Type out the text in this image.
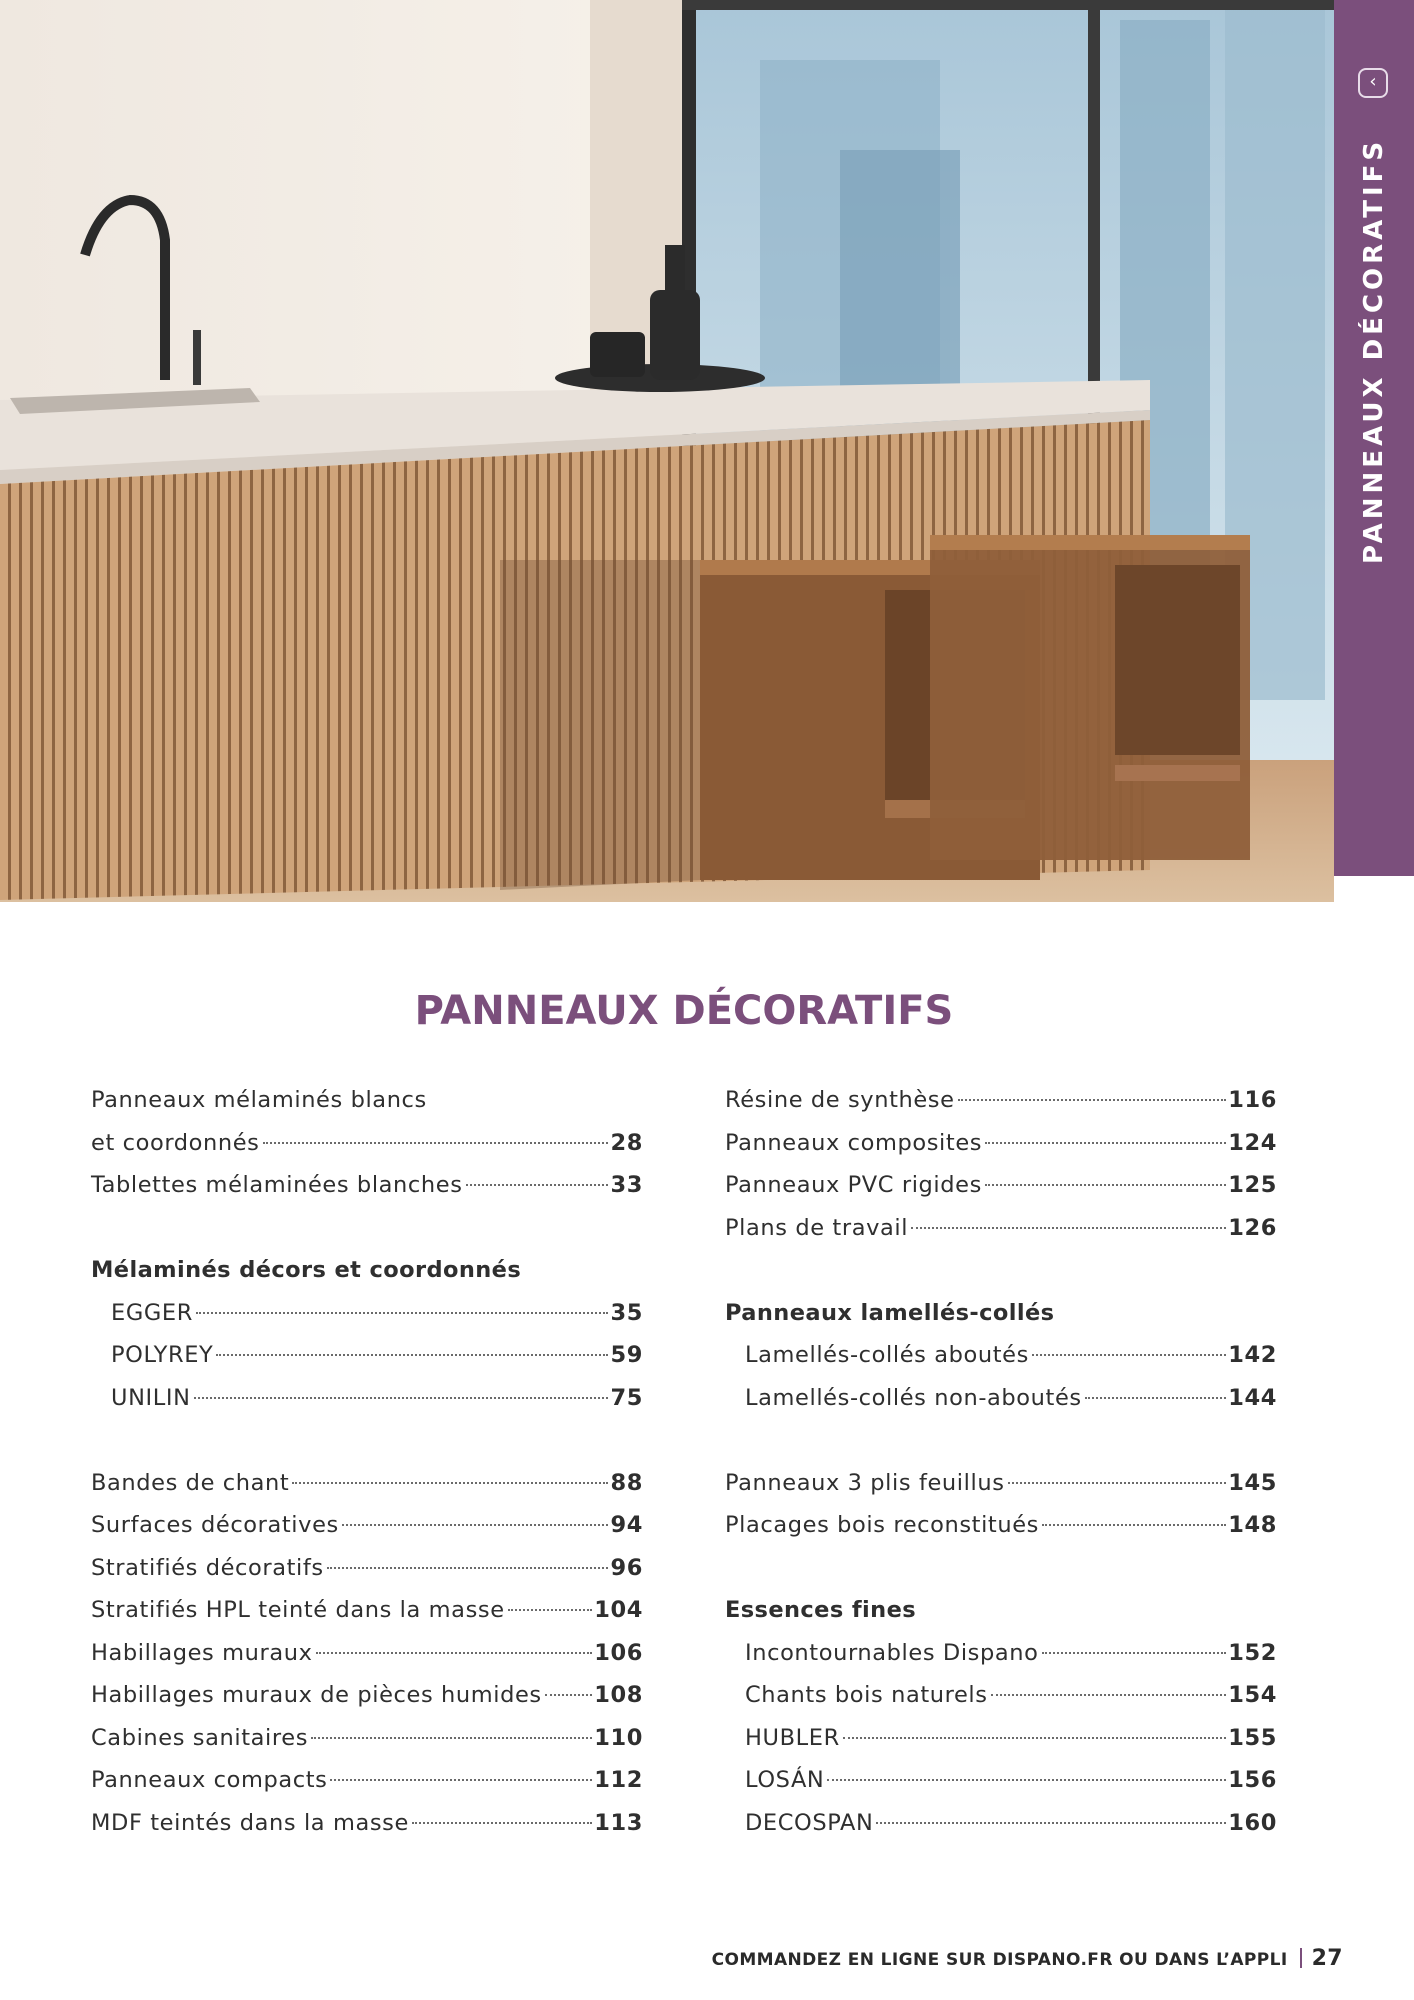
‹
PANNEAUX DÉCORATIFS
PANNEAUX DÉCORATIFS
Panneaux mélaminés blancs
et coordonnés	28
Tablettes mélaminées blanches	33
Mélaminés décors et coordonnés
EGGER	35
POLYREY	59
UNILIN	75
Bandes de chant	88
Surfaces décoratives	94
Stratifiés décoratifs	96
Stratifiés HPL teinté dans la masse	104
Habillages muraux	106
Habillages muraux de pièces humides 108
Cabines sanitaires	110
Panneaux compacts	112
MDF teintés dans la masse	113
Résine de synthèse	116
Panneaux composites	124
Panneaux PVC rigides	125
Plans de travail	126
Panneaux lamellés-collés
Lamellés-collés aboutés	142
Lamellés-collés non-aboutés	144
Panneaux 3 plis feuillus	145
Placages bois reconstitués	148
Essences fines
Incontournables Dispano	152
Chants bois naturels	154
HUBLER	155
LOSÁN	156
DECOSPAN	160
COMMANDEZ EN LIGNE SUR DISPANO.FR OU DANS L’APPLI 27
